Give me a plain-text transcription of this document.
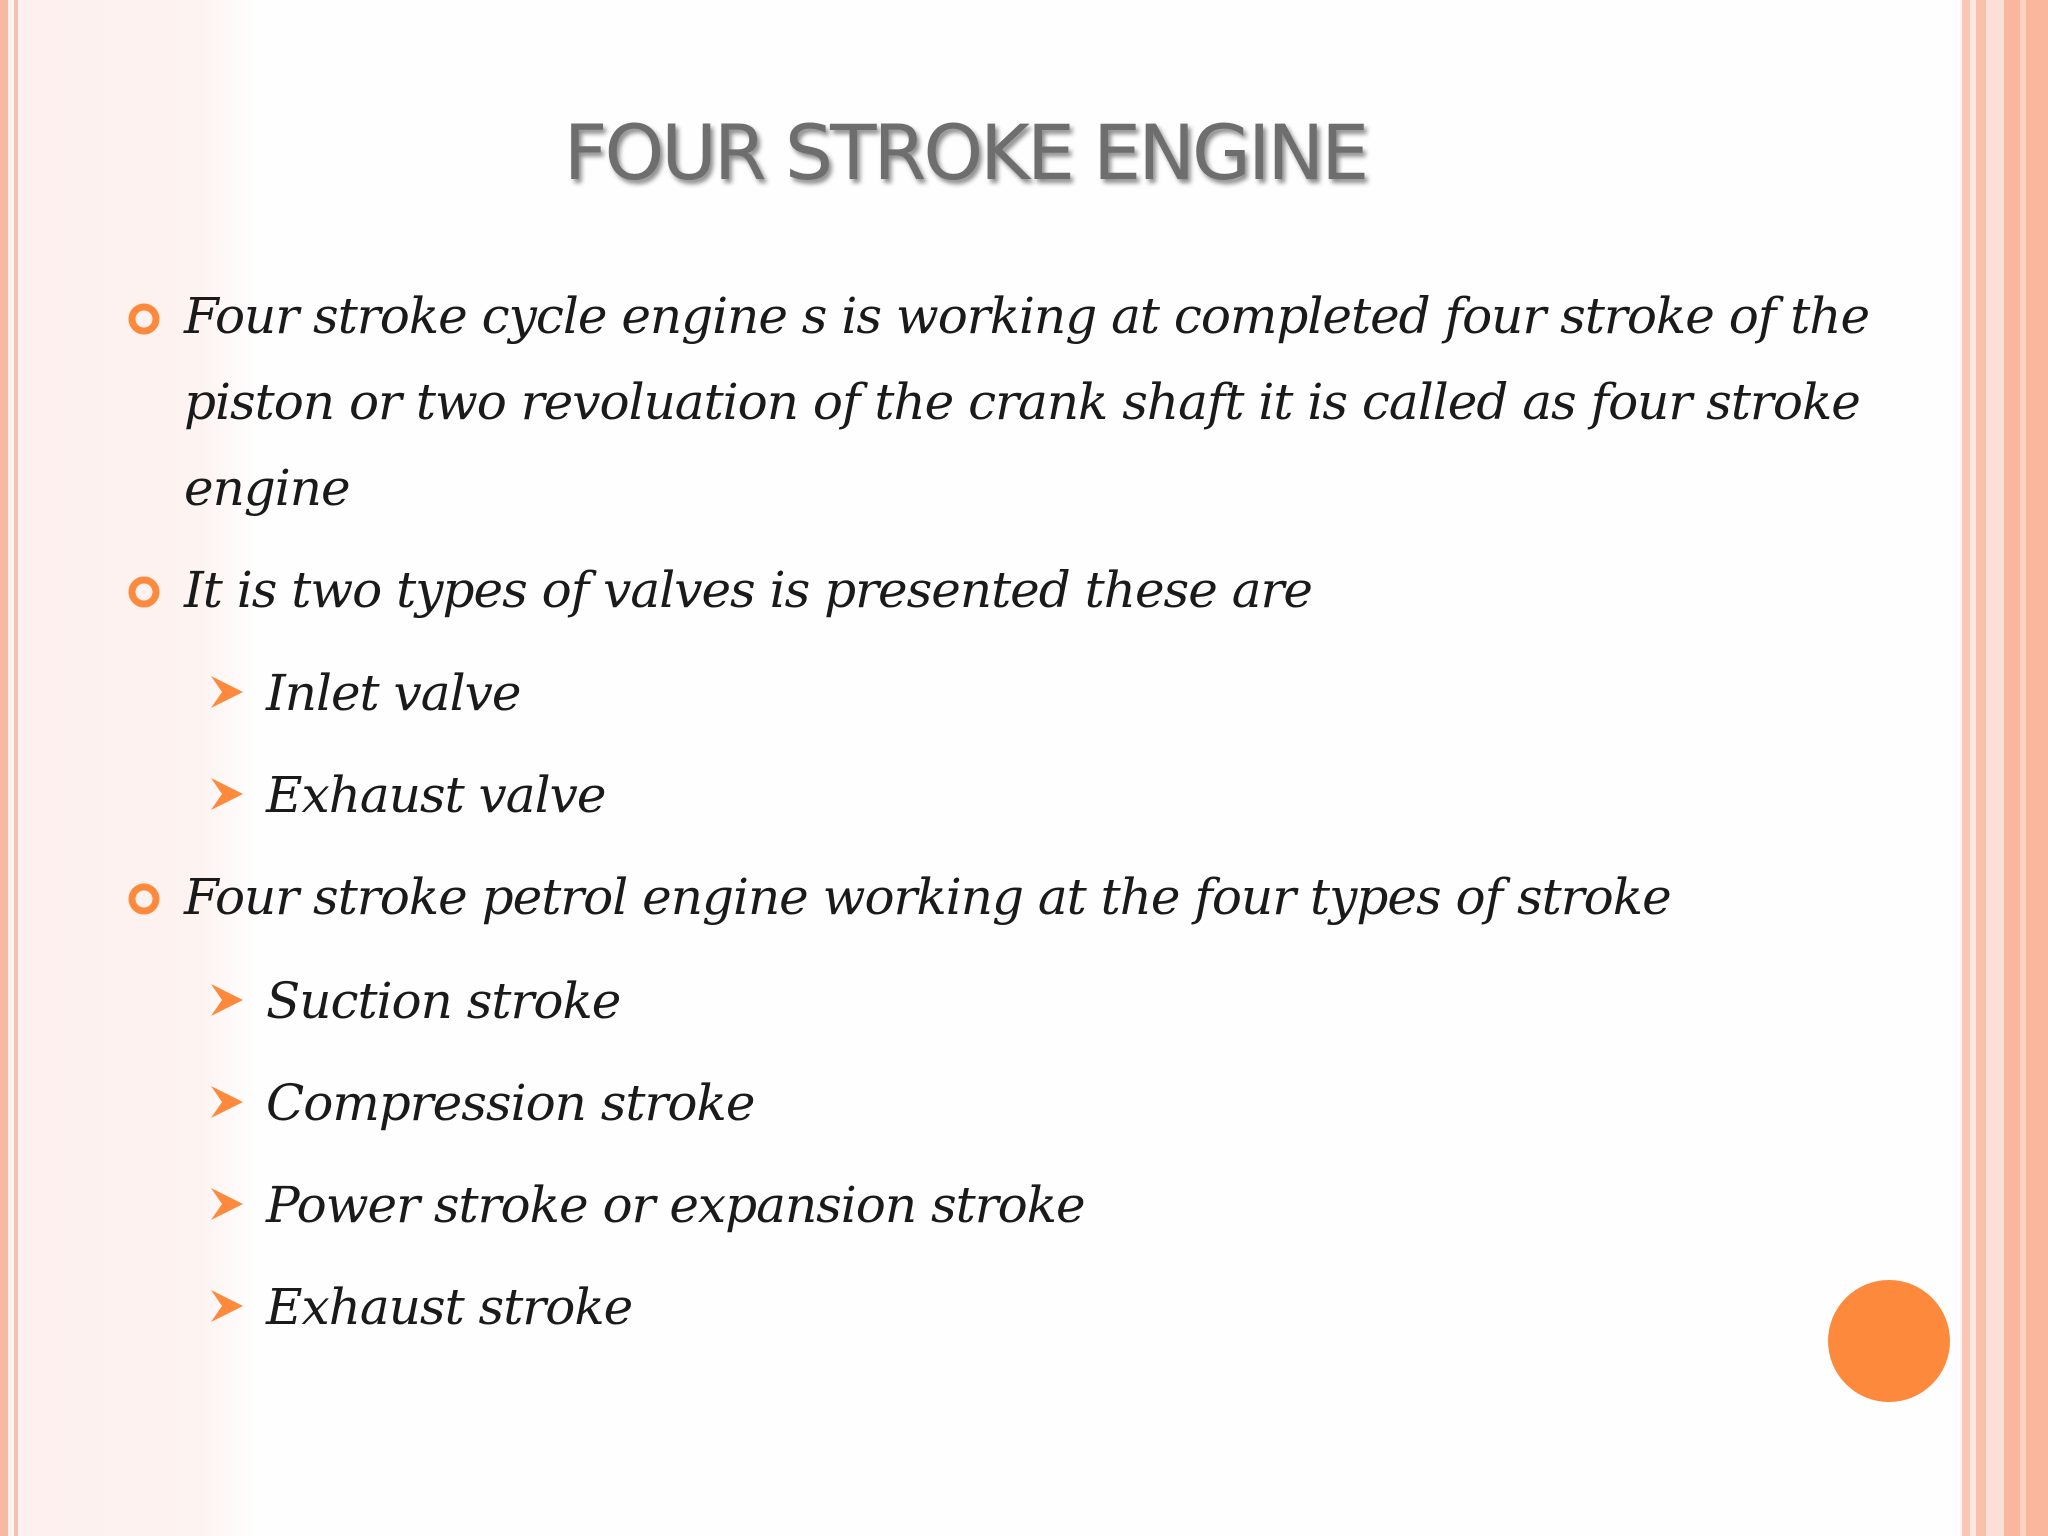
FOUR STROKE ENGINE
Four stroke cycle engine s is working at completed four stroke of the
piston or two revoluation of the crank shaft it is called as four stroke
engine
It is two types of valves is presented these are
Inlet valve
Exhaust valve
Four stroke petrol engine working at the four types of stroke
Suction stroke
Compression stroke
Power stroke or expansion stroke
Exhaust stroke
